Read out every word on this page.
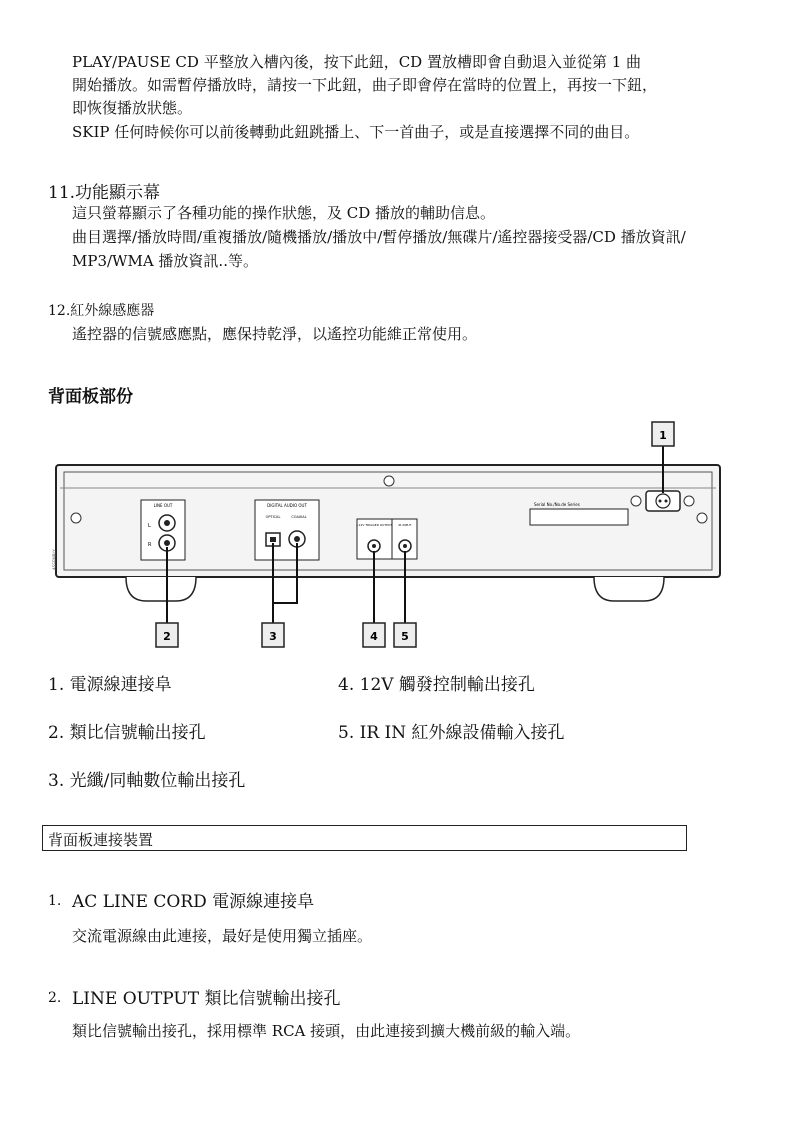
PLAY/PAUSE CD 平整放入槽內後，按下此鈕，CD 置放槽即會自動退入並從第 1 曲
開始播放。如需暫停播放時，請按一下此鈕，曲子即會停在當時的位置上，再按一下鈕，
即恢復播放狀態。
SKIP 任何時候你可以前後轉動此鈕跳播上、下一首曲子，或是直接選擇不同的曲目。
11.功能顯示幕
這只螢幕顯示了各種功能的操作狀態，及 CD 播放的輔助信息。
曲目選擇/播放時間/重複播放/隨機播放/播放中/暫停播放/無碟片/遙控器接受器/CD 播放資訊/
MP3/WMA 播放資訊..等。
12.紅外線感應器
遙控器的信號感應點，應保持乾淨，以遙控功能維正常使用。
背面板部份
ASSEMBLY
LINE OUT
L
R
DIGITAL AUDIO OUT
OPTICAL	COAXIAL
+12V TRIGGER OUTPUT IR INPUT
Serial No./No.de Series
1
2	3	4 5
1. 電源線連接阜
2. 類比信號輸出接孔
3. 光纖/同軸數位輸出接孔
4. 12V 觸發控制輸出接孔
5. IR IN 紅外線設備輸入接孔
背面板連接裝置
1. AC LINE CORD 電源線連接阜
交流電源線由此連接，最好是使用獨立插座。
2. LINE OUTPUT 類比信號輸出接孔
類比信號輸出接孔，採用標準 RCA 接頭，由此連接到擴大機前級的輸入端。
